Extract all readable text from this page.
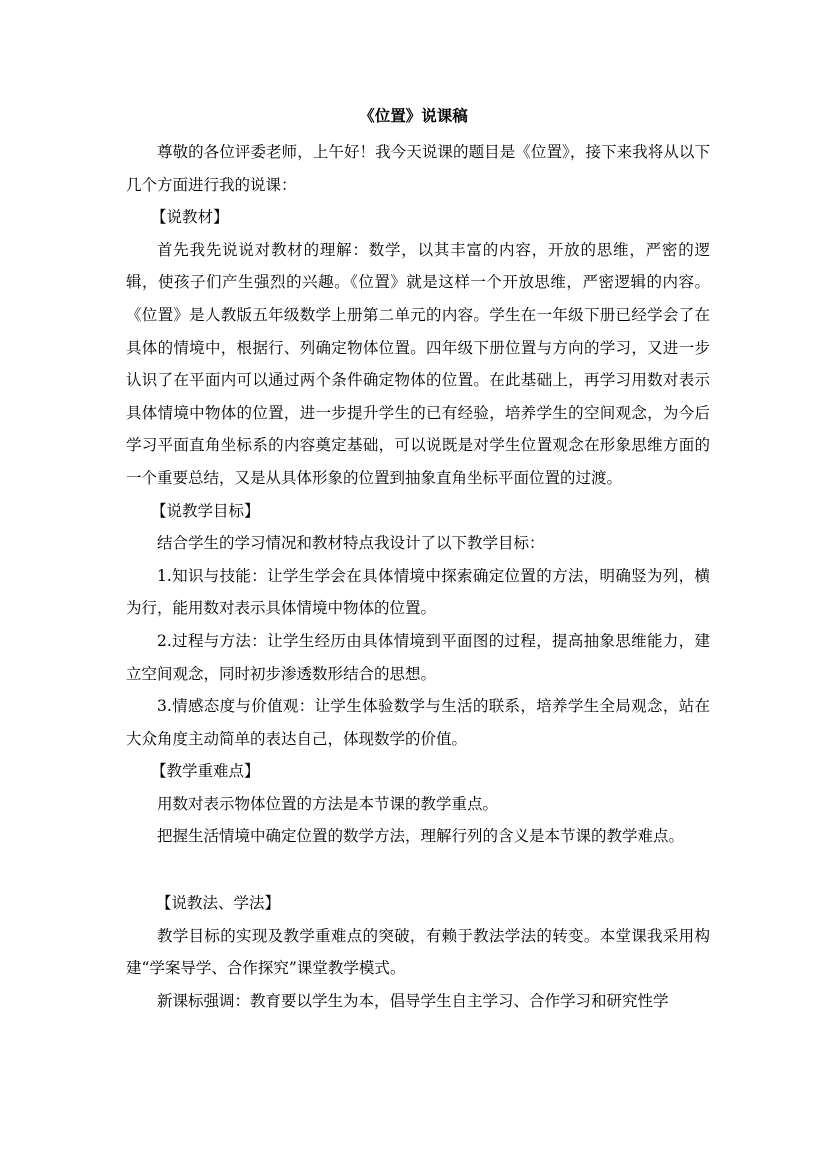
《位置》说课稿

尊敬的各位评委老师，上午好！我今天说课的题目是《位置》，接下来我将从以下几个方面进行我的说课：

【说教材】

首先我先说说对教材的理解：数学，以其丰富的内容，开放的思维，严密的逻辑，使孩子们产生强烈的兴趣。《位置》就是这样一个开放思维，严密逻辑的内容。《位置》是人教版五年级数学上册第二单元的内容。学生在一年级下册已经学会了在具体的情境中，根据行、列确定物体位置。四年级下册位置与方向的学习，又进一步认识了在平面内可以通过两个条件确定物体的位置。在此基础上，再学习用数对表示具体情境中物体的位置，进一步提升学生的已有经验，培养学生的空间观念，为今后学习平面直角坐标系的内容奠定基础，可以说既是对学生位置观念在形象思维方面的一个重要总结，又是从具体形象的位置到抽象直角坐标平面位置的过渡。

【说教学目标】

结合学生的学习情况和教材特点我设计了以下教学目标：

1.知识与技能：让学生学会在具体情境中探索确定位置的方法，明确竖为列，横为行，能用数对表示具体情境中物体的位置。

2.过程与方法：让学生经历由具体情境到平面图的过程，提高抽象思维能力，建立空间观念，同时初步渗透数形结合的思想。

3.情感态度与价值观：让学生体验数学与生活的联系，培养学生全局观念，站在大众角度主动简单的表达自己，体现数学的价值。

【教学重难点】

用数对表示物体位置的方法是本节课的教学重点。

把握生活情境中确定位置的数学方法，理解行列的含义是本节课的教学难点。

【说教法、学法】

教学目标的实现及教学重难点的突破，有赖于教法学法的转变。本堂课我采用构建“学案导学、合作探究”课堂教学模式。

新课标强调：教育要以学生为本，倡导学生自主学习、合作学习和研究性学
